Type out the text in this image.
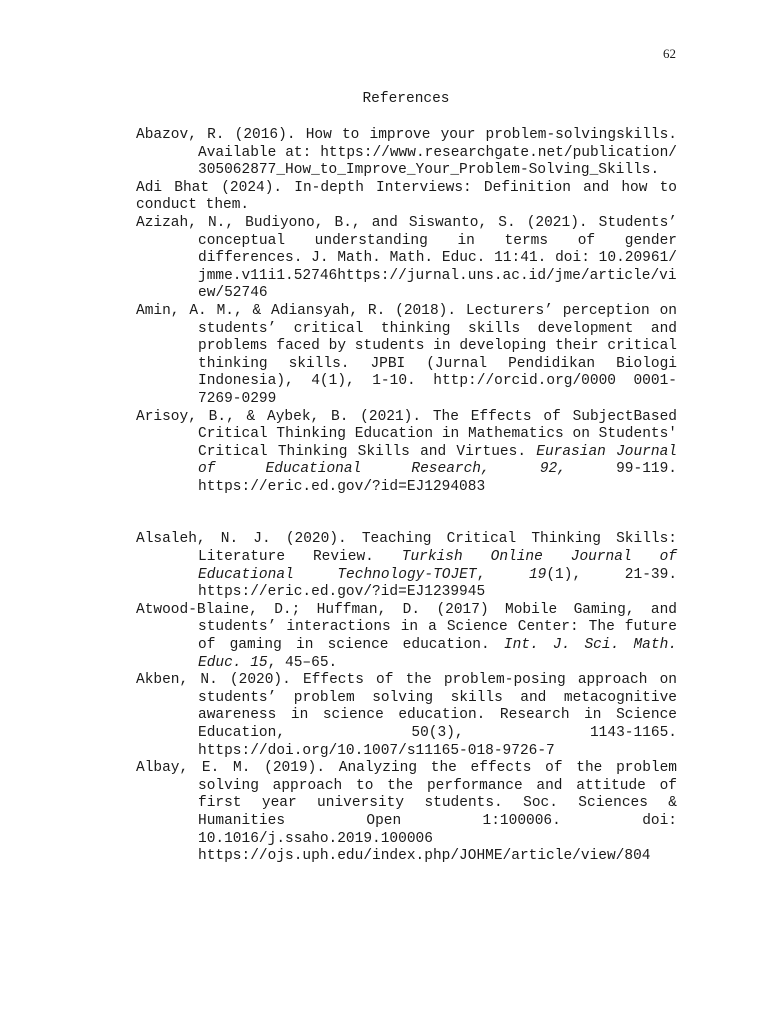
62
References

Abazov, R. (2016). How to improve your problem-solvingskills. Available at: https://www.researchgate.net/publication/305062877_How_to_Improve_Your_Problem-Solving_Skills.

Adi Bhat (2024). In-depth Interviews: Definition and how to conduct them.

Azizah, N., Budiyono, B., and Siswanto, S. (2021). Students’ conceptual understanding in terms of gender differences. J. Math. Math. Educ. 11:41. doi: 10.20961/jmme.v11i1.52746https://jurnal.uns.ac.id/jme/article/view/52746

Amin, A. M., & Adiansyah, R. (2018). Lecturers’ perception on students’ critical thinking skills development and problems faced by students in developing their critical thinking skills. JPBI (Jurnal Pendidikan Biologi Indonesia), 4(1), 1-10. http://orcid.org/0000 0001-7269-0299

Arisoy, B., & Aybek, B. (2021). The Effects of SubjectBased Critical Thinking Education in Mathematics on Students' Critical Thinking Skills and Virtues. Eurasian Journal of Educational Research, 92, 99-119. https://eric.ed.gov/?id=EJ1294083

Alsaleh, N. J. (2020). Teaching Critical Thinking Skills: Literature Review. Turkish Online Journal of Educational Technology-TOJET, 19(1), 21-39. https://eric.ed.gov/?id=EJ1239945

Atwood-Blaine, D.; Huffman, D. (2017) Mobile Gaming, and students’ interactions in a Science Center: The future of gaming in science education. Int. J. Sci. Math. Educ. 15, 45–65.

Akben, N. (2020). Effects of the problem-posing approach on students’ problem solving skills and metacognitive awareness in science education. Research in Science Education, 50(3), 1143-1165. https://doi.org/10.1007/s11165-018-9726-7

Albay, E. M. (2019). Analyzing the effects of the problem solving approach to the performance and attitude of first year university students. Soc. Sciences & Humanities Open 1:100006. doi: 10.1016/j.ssaho.2019.100006 https://ojs.uph.edu/index.php/JOHME/article/view/804
